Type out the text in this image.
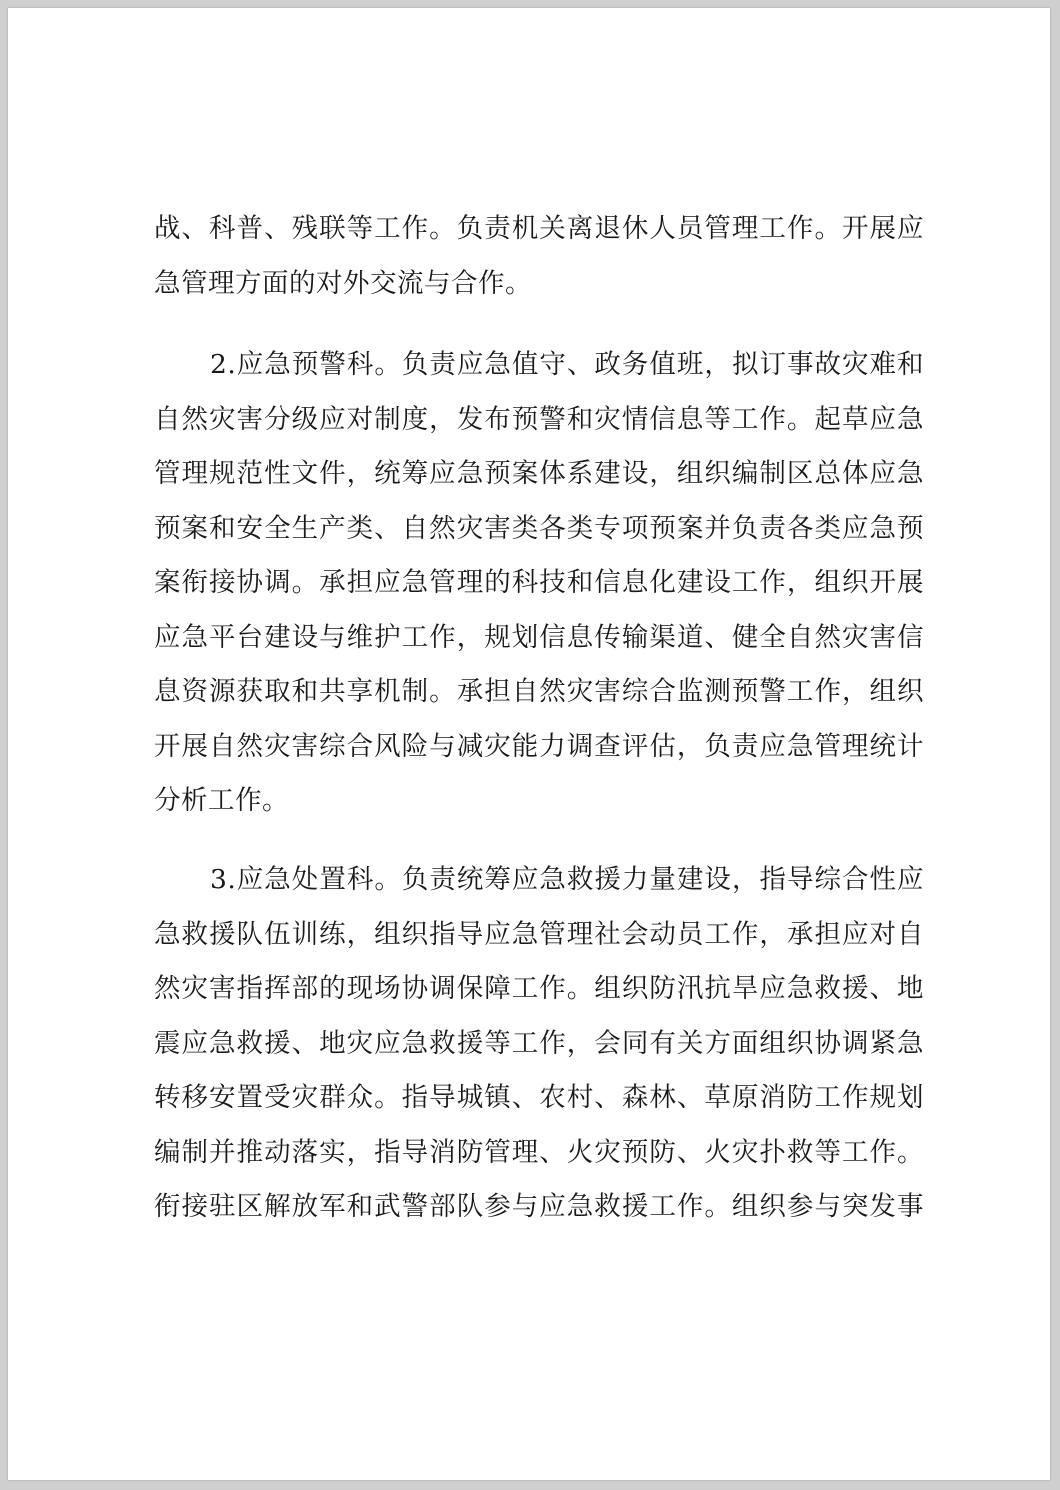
战、科普、残联等工作。负责机关离退休人员管理工作。开展应
急管理方面的对外交流与合作。
2.应急预警科。负责应急值守、政务值班，拟订事故灾难和
自然灾害分级应对制度，发布预警和灾情信息等工作。起草应急
管理规范性文件，统筹应急预案体系建设，组织编制区总体应急
预案和安全生产类、自然灾害类各类专项预案并负责各类应急预
案衔接协调。承担应急管理的科技和信息化建设工作，组织开展
应急平台建设与维护工作，规划信息传输渠道、健全自然灾害信
息资源获取和共享机制。承担自然灾害综合监测预警工作，组织
开展自然灾害综合风险与减灾能力调查评估，负责应急管理统计
分析工作。
3.应急处置科。负责统筹应急救援力量建设，指导综合性应
急救援队伍训练，组织指导应急管理社会动员工作，承担应对自
然灾害指挥部的现场协调保障工作。组织防汛抗旱应急救援、地
震应急救援、地灾应急救援等工作，会同有关方面组织协调紧急
转移安置受灾群众。指导城镇、农村、森林、草原消防工作规划
编制并推动落实，指导消防管理、火灾预防、火灾扑救等工作。
衔接驻区解放军和武警部队参与应急救援工作。组织参与突发事
